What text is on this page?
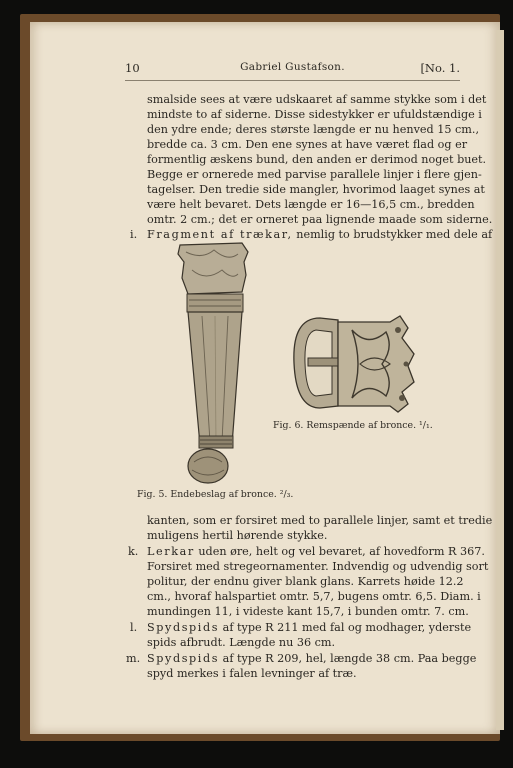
10	Gabriel Gustafson.	[No. 1.
smalside sees at være udskaaret af samme stykke som i det
mindste to af siderne. Disse sidestykker er ufuldstændige i
den ydre ende; deres største længde er nu henved 15 cm.,
bredde ca. 3 cm. Den ene synes at have været flad og er
formentlig æskens bund, den anden er derimod noget buet.
Begge er ornerede med parvise parallele linjer i flere gjen-
tagelser. Den tredie side mangler, hvorimod laaget synes at
være helt bevaret. Dets længde er 16—16,5 cm., bredden
omtr. 2 cm.; det er orneret paa lignende maade som siderne.
i. Fragment af trækar, nemlig to brudstykker med dele af
Fig. 6. Remspænde af bronce. ¹/₁.
Fig. 5. Endebeslag af bronce. ²/₃.
kanten, som er forsiret med to parallele linjer, samt et tredie
muligens hertil hørende stykke.
k. Lerkar uden øre, helt og vel bevaret, af hovedform R 367.
Forsiret med stregeornamenter. Indvendig og udvendig sort
politur, der endnu giver blank glans. Karrets høide 12.2
cm., hvoraf halspartiet omtr. 5,7, bugens omtr. 6,5. Diam. i
mundingen 11, i videste kant 15,7, i bunden omtr. 7. cm.
l. Spydspids af type R 211 med fal og modhager, yderste
spids afbrudt. Længde nu 36 cm.
m. Spydspids af type R 209, hel, længde 38 cm. Paa begge
spyd merkes i falen levninger af træ.
